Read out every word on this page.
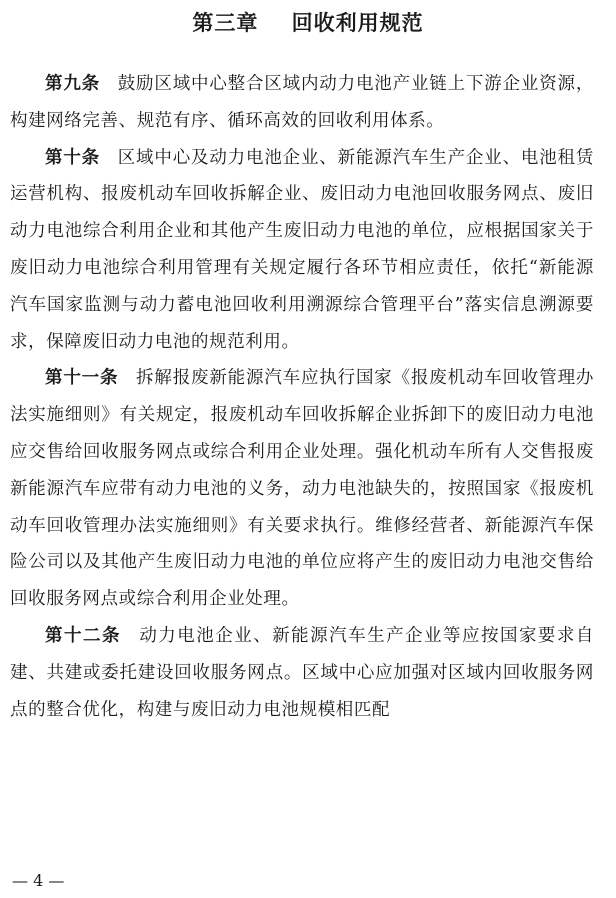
第三章    回收利用规范

第九条 鼓励区域中心整合区域内动力电池产业链上下游企业资源，构建网络完善、规范有序、循环高效的回收利用体系。

第十条 区域中心及动力电池企业、新能源汽车生产企业、电池租赁运营机构、报废机动车回收拆解企业、废旧动力电池回收服务网点、废旧动力电池综合利用企业和其他产生废旧动力电池的单位，应根据国家关于废旧动力电池综合利用管理有关规定履行各环节相应责任，依托“新能源汽车国家监测与动力蓄电池回收利用溯源综合管理平台”落实信息溯源要求，保障废旧动力电池的规范利用。

第十一条 拆解报废新能源汽车应执行国家《报废机动车回收管理办法实施细则》有关规定，报废机动车回收拆解企业拆卸下的废旧动力电池应交售给回收服务网点或综合利用企业处理。强化机动车所有人交售报废新能源汽车应带有动力电池的义务，动力电池缺失的，按照国家《报废机动车回收管理办法实施细则》有关要求执行。维修经营者、新能源汽车保险公司以及其他产生废旧动力电池的单位应将产生的废旧动力电池交售给回收服务网点或综合利用企业处理。

第十二条 动力电池企业、新能源汽车生产企业等应按国家要求自建、共建或委托建设回收服务网点。区域中心应加强对区域内回收服务网点的整合优化，构建与废旧动力电池规模相匹配

— 4 —
